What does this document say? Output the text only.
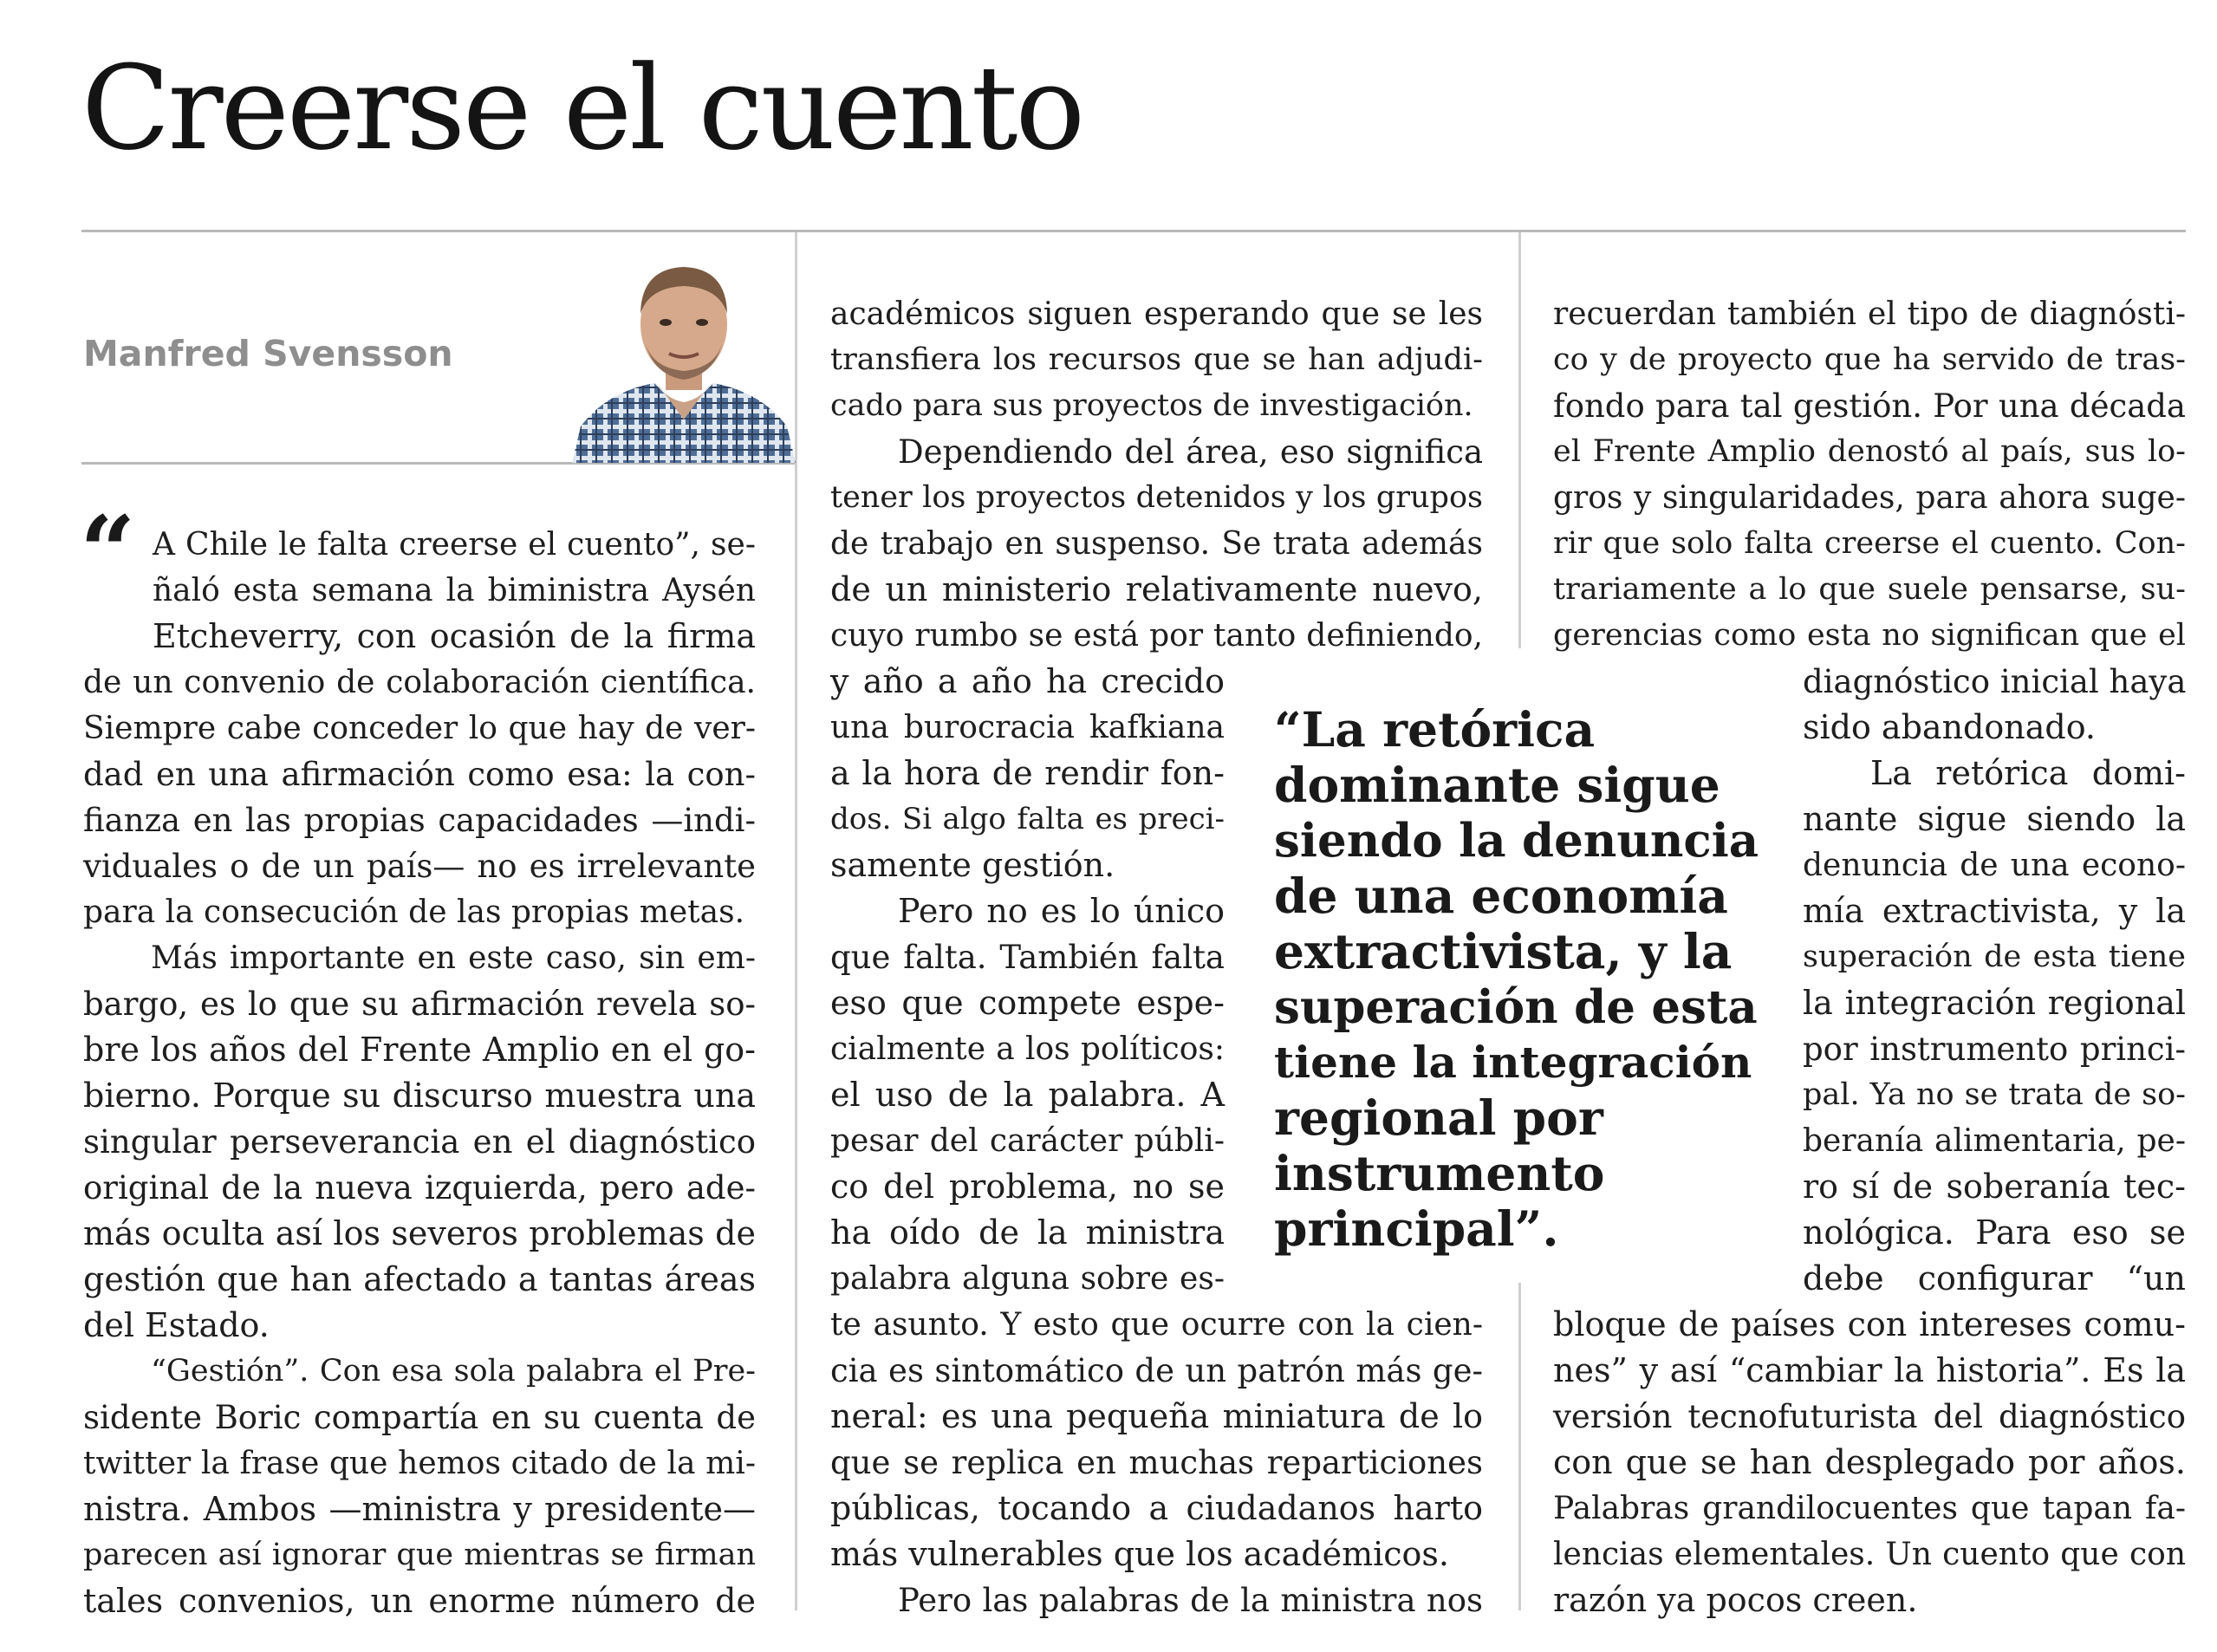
Creerse el cuento
Manfred Svensson
“ A Chile le falta creerse el cuento”, se-
ñaló esta semana la biministra Aysén
Etcheverry, con ocasión de la firma
de un convenio de colaboración científica.
Siempre cabe conceder lo que hay de ver-
dad en una afirmación como esa: la con-
fianza en las propias capacidades —indi-
viduales o de un país— no es irrelevante
para la consecución de las propias metas.
Más importante en este caso, sin em-
bargo, es lo que su afirmación revela so-
bre los años del Frente Amplio en el go-
bierno. Porque su discurso muestra una
singular perseverancia en el diagnóstico
original de la nueva izquierda, pero ade-
más oculta así los severos problemas de
gestión que han afectado a tantas áreas
del Estado.
“Gestión”. Con esa sola palabra el Pre-
sidente Boric compartía en su cuenta de
twitter la frase que hemos citado de la mi-
nistra. Ambos —ministra y presidente—
parecen así ignorar que mientras se firman
tales convenios, un enorme número de
académicos siguen esperando que se les
transfiera los recursos que se han adjudi-
cado para sus proyectos de investigación.
Dependiendo del área, eso significa
tener los proyectos detenidos y los grupos
de trabajo en suspenso. Se trata además
de un ministerio relativamente nuevo,
cuyo rumbo se está por tanto definiendo,
y año a año ha crecido
una burocracia kafkiana
a la hora de rendir fon-
dos. Si algo falta es preci-
samente gestión.
Pero no es lo único
que falta. También falta
eso que compete espe-
cialmente a los políticos:
el uso de la palabra. A
pesar del carácter públi-
co del problema, no se
ha oído de la ministra
palabra alguna sobre es-
te asunto. Y esto que ocurre con la cien-
cia es sintomático de un patrón más ge-
neral: es una pequeña miniatura de lo
que se replica en muchas reparticiones
públicas, tocando a ciudadanos harto
más vulnerables que los académicos.
Pero las palabras de la ministra nos
“La retórica
dominante sigue
siendo la denuncia
de una economía
extractivista, y la
superación de esta
tiene la integración
regional por
instrumento
principal”.
recuerdan también el tipo de diagnósti-
co y de proyecto que ha servido de tras-
fondo para tal gestión. Por una década
el Frente Amplio denostó al país, sus lo-
gros y singularidades, para ahora suge-
rir que solo falta creerse el cuento. Con-
trariamente a lo que suele pensarse, su-
gerencias como esta no significan que el
diagnóstico inicial haya
sido abandonado.
La retórica domi-
nante sigue siendo la
denuncia de una econo-
mía extractivista, y la
superación de esta tiene
la integración regional
por instrumento princi-
pal. Ya no se trata de so-
beranía alimentaria, pe-
ro sí de soberanía tec-
nológica. Para eso se
debe configurar “un
bloque de países con intereses comu-
nes” y así “cambiar la historia”. Es la
versión tecnofuturista del diagnóstico
con que se han desplegado por años.
Palabras grandilocuentes que tapan fa-
lencias elementales. Un cuento que con
razón ya pocos creen.
